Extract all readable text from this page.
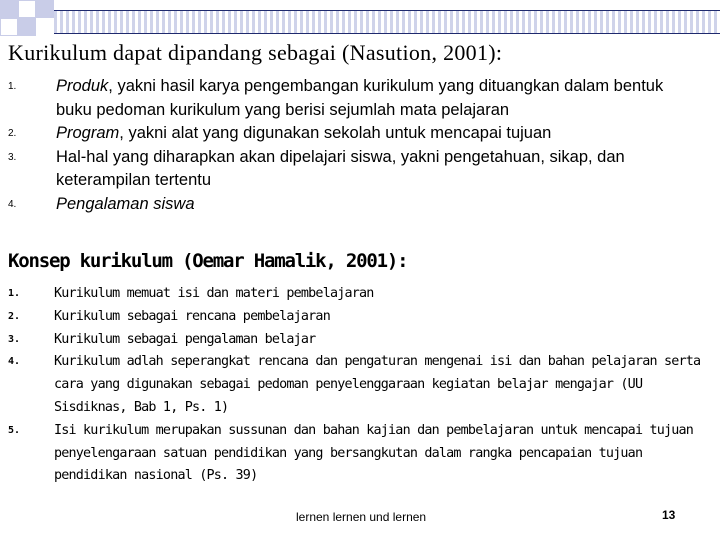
Kurikulum dapat dipandang sebagai (Nasution, 2001):
1. Produk, yakni hasil karya pengembangan kurikulum yang dituangkan dalam bentuk buku pedoman kurikulum yang berisi sejumlah mata pelajaran
2. Program, yakni alat yang digunakan sekolah untuk mencapai tujuan
3. Hal-hal yang diharapkan akan dipelajari siswa, yakni pengetahuan, sikap, dan keterampilan tertentu
4. Pengalaman siswa
Konsep kurikulum (Oemar Hamalik, 2001):
1.	Kurikulum memuat isi dan materi pembelajaran
2.	Kurikulum sebagai rencana pembelajaran
3.	Kurikulum sebagai pengalaman belajar
4.	Kurikulum adlah seperangkat rencana dan pengaturan mengenai isi dan bahan pelajaran serta cara yang digunakan sebagai pedoman penyelenggaraan kegiatan belajar mengajar (UU Sisdiknas, Bab 1, Ps. 1)
5.	Isi kurikulum merupakan sussunan dan bahan kajian dan pembelajaran untuk mencapai tujuan penyelengaraan satuan pendidikan yang bersangkutan dalam rangka pencapaian tujuan pendidikan nasional (Ps. 39)
lernen lernen und lernen	13
